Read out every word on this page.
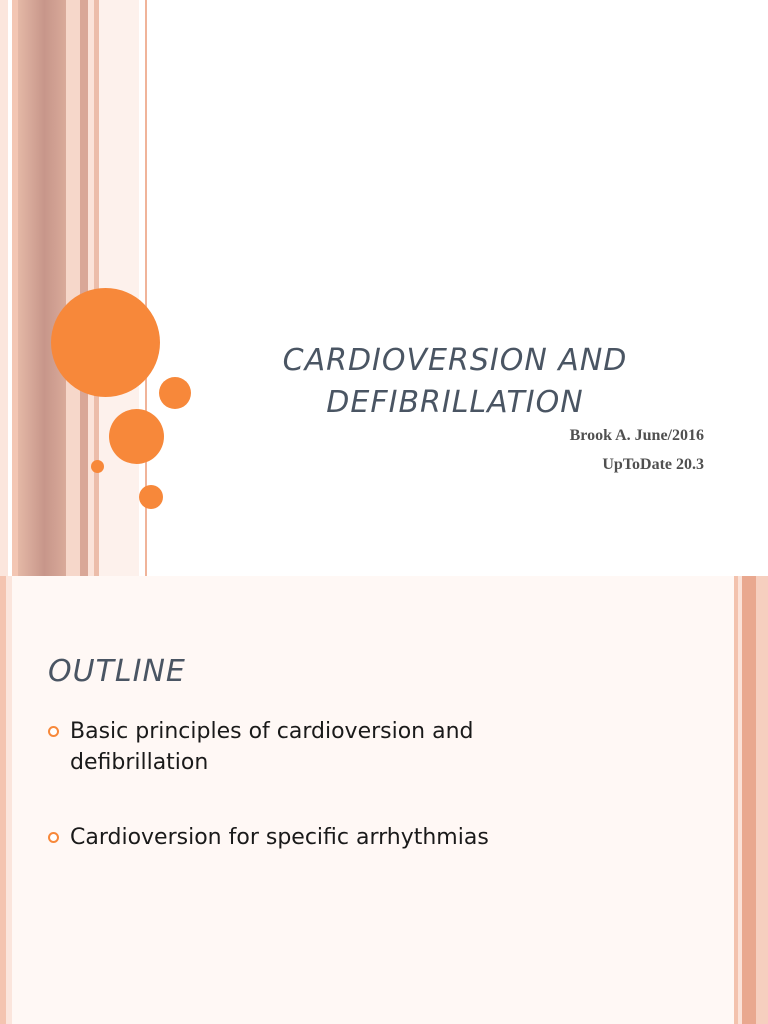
CARDIOVERSION AND
DEFIBRILLATION
Brook A. June/2016
UpToDate 20.3
OUTLINE
Basic principles of cardioversion and defibrillation
Cardioversion for specific arrhythmias
